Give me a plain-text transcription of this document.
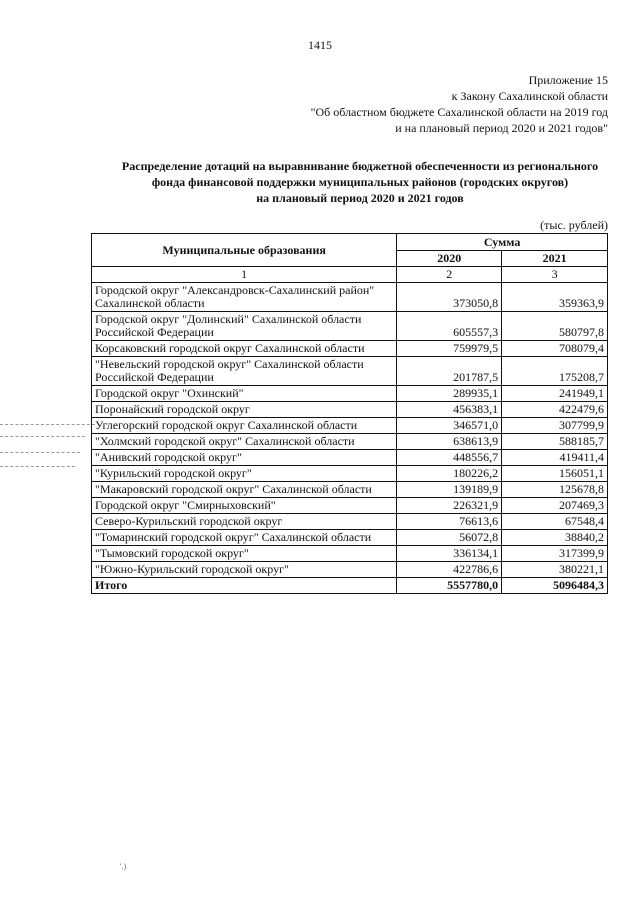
1415
Приложение 15
к Закону Сахалинской области
"Об областном бюджете Сахалинской области на 2019 год
и на плановый период 2020 и 2021 годов"
Распределение дотаций на выравнивание бюджетной обеспеченности из регионального
фонда финансовой поддержки муниципальных районов (городских округов)
на плановый период 2020 и 2021 годов
(тыс. рублей)
Муниципальные образования	Сумма	
	2020	2021
1	2	3
Городской округ "Александровск-Сахалинский район" Сахалинской области	373050,8	359363,9
Городской округ "Долинский" Сахалинской области Российской Федерации	605557,3	580797,8
Корсаковский городской округ Сахалинской области	759979,5	708079,4
"Невельский городской округ" Сахалинской области Российской Федерации	201787,5	175208,7
Городской округ "Охинский"	289935,1	241949,1
Поронайский городской округ	456383,1	422479,6
Углегорский городской округ Сахалинской области	346571,0	307799,9
"Холмский городской округ" Сахалинской области	638613,9	588185,7
"Анивский городской округ"	448556,7	419411,4
"Курильский городской округ"	180226,2	156051,1
"Макаровский городской округ" Сахалинской области	139189,9	125678,8
Городской округ "Смирныховский"	226321,9	207469,3
Северо-Курильский городской округ	76613,6	67548,4
"Томаринский городской округ" Сахалинской области	56072,8	38840,2
"Тымовский городской округ"	336134,1	317399,9
"Южно-Курильский городской округ"	422786,6	380221,1
Итого	5557780,0	5096484,3
'.)
